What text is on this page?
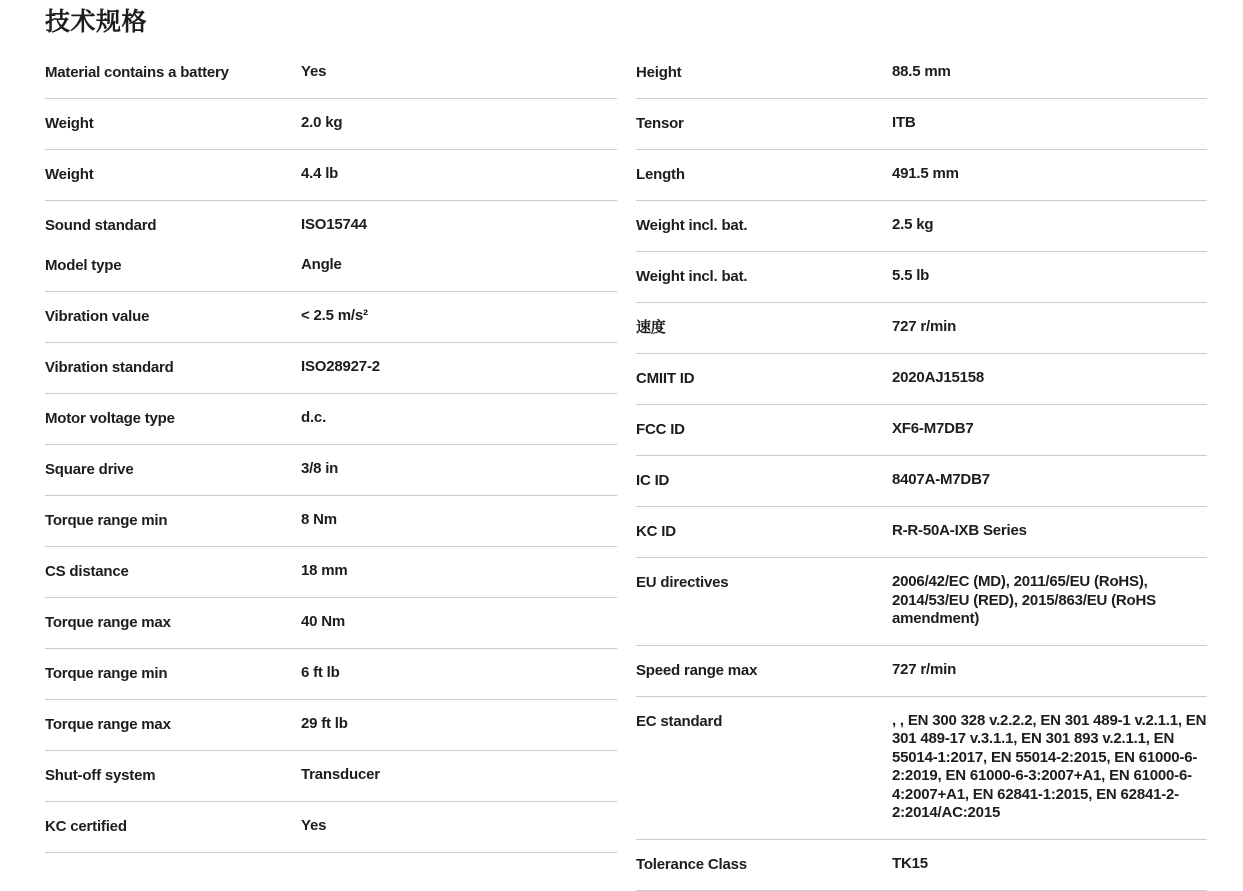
技术规格
Material contains a battery	Yes
Weight	2.0 kg
Weight	4.4 lb
Sound standard	ISO15744
Model type	Angle
Vibration value	< 2.5 m/s²
Vibration standard	ISO28927-2
Motor voltage type	d.c.
Square drive	3/8 in
Torque range min	8 Nm
CS distance	18 mm
Torque range max	40 Nm
Torque range min	6 ft lb
Torque range max	29 ft lb
Shut-off system	Transducer
KC certified	Yes
Height	88.5 mm
Tensor	ITB
Length	491.5 mm
Weight incl. bat.	2.5 kg
Weight incl. bat.	5.5 lb
速度	727 r/min
CMIIT ID	2020AJ15158
FCC ID	XF6-M7DB7
IC ID	8407A-M7DB7
KC ID	R-R-50A-IXB Series
EU directives	2006/42/EC (MD), 2011/65/EU (RoHS), 2014/53/EU (RED), 2015/863/EU (RoHS amendment)
Speed range max	727 r/min
EC standard	, , EN 300 328 v.2.2.2, EN 301 489-1 v.2.1.1, EN 301 489-17 v.3.1.1, EN 301 893 v.2.1.1, EN 55014-1:2017, EN 55014-2:2015, EN 61000-6-2:2019, EN 61000-6-3:2007+A1, EN 61000-6-4:2007+A1, EN 62841-1:2015, EN 62841-2-2:2014/AC:2015
Tolerance Class	TK15
